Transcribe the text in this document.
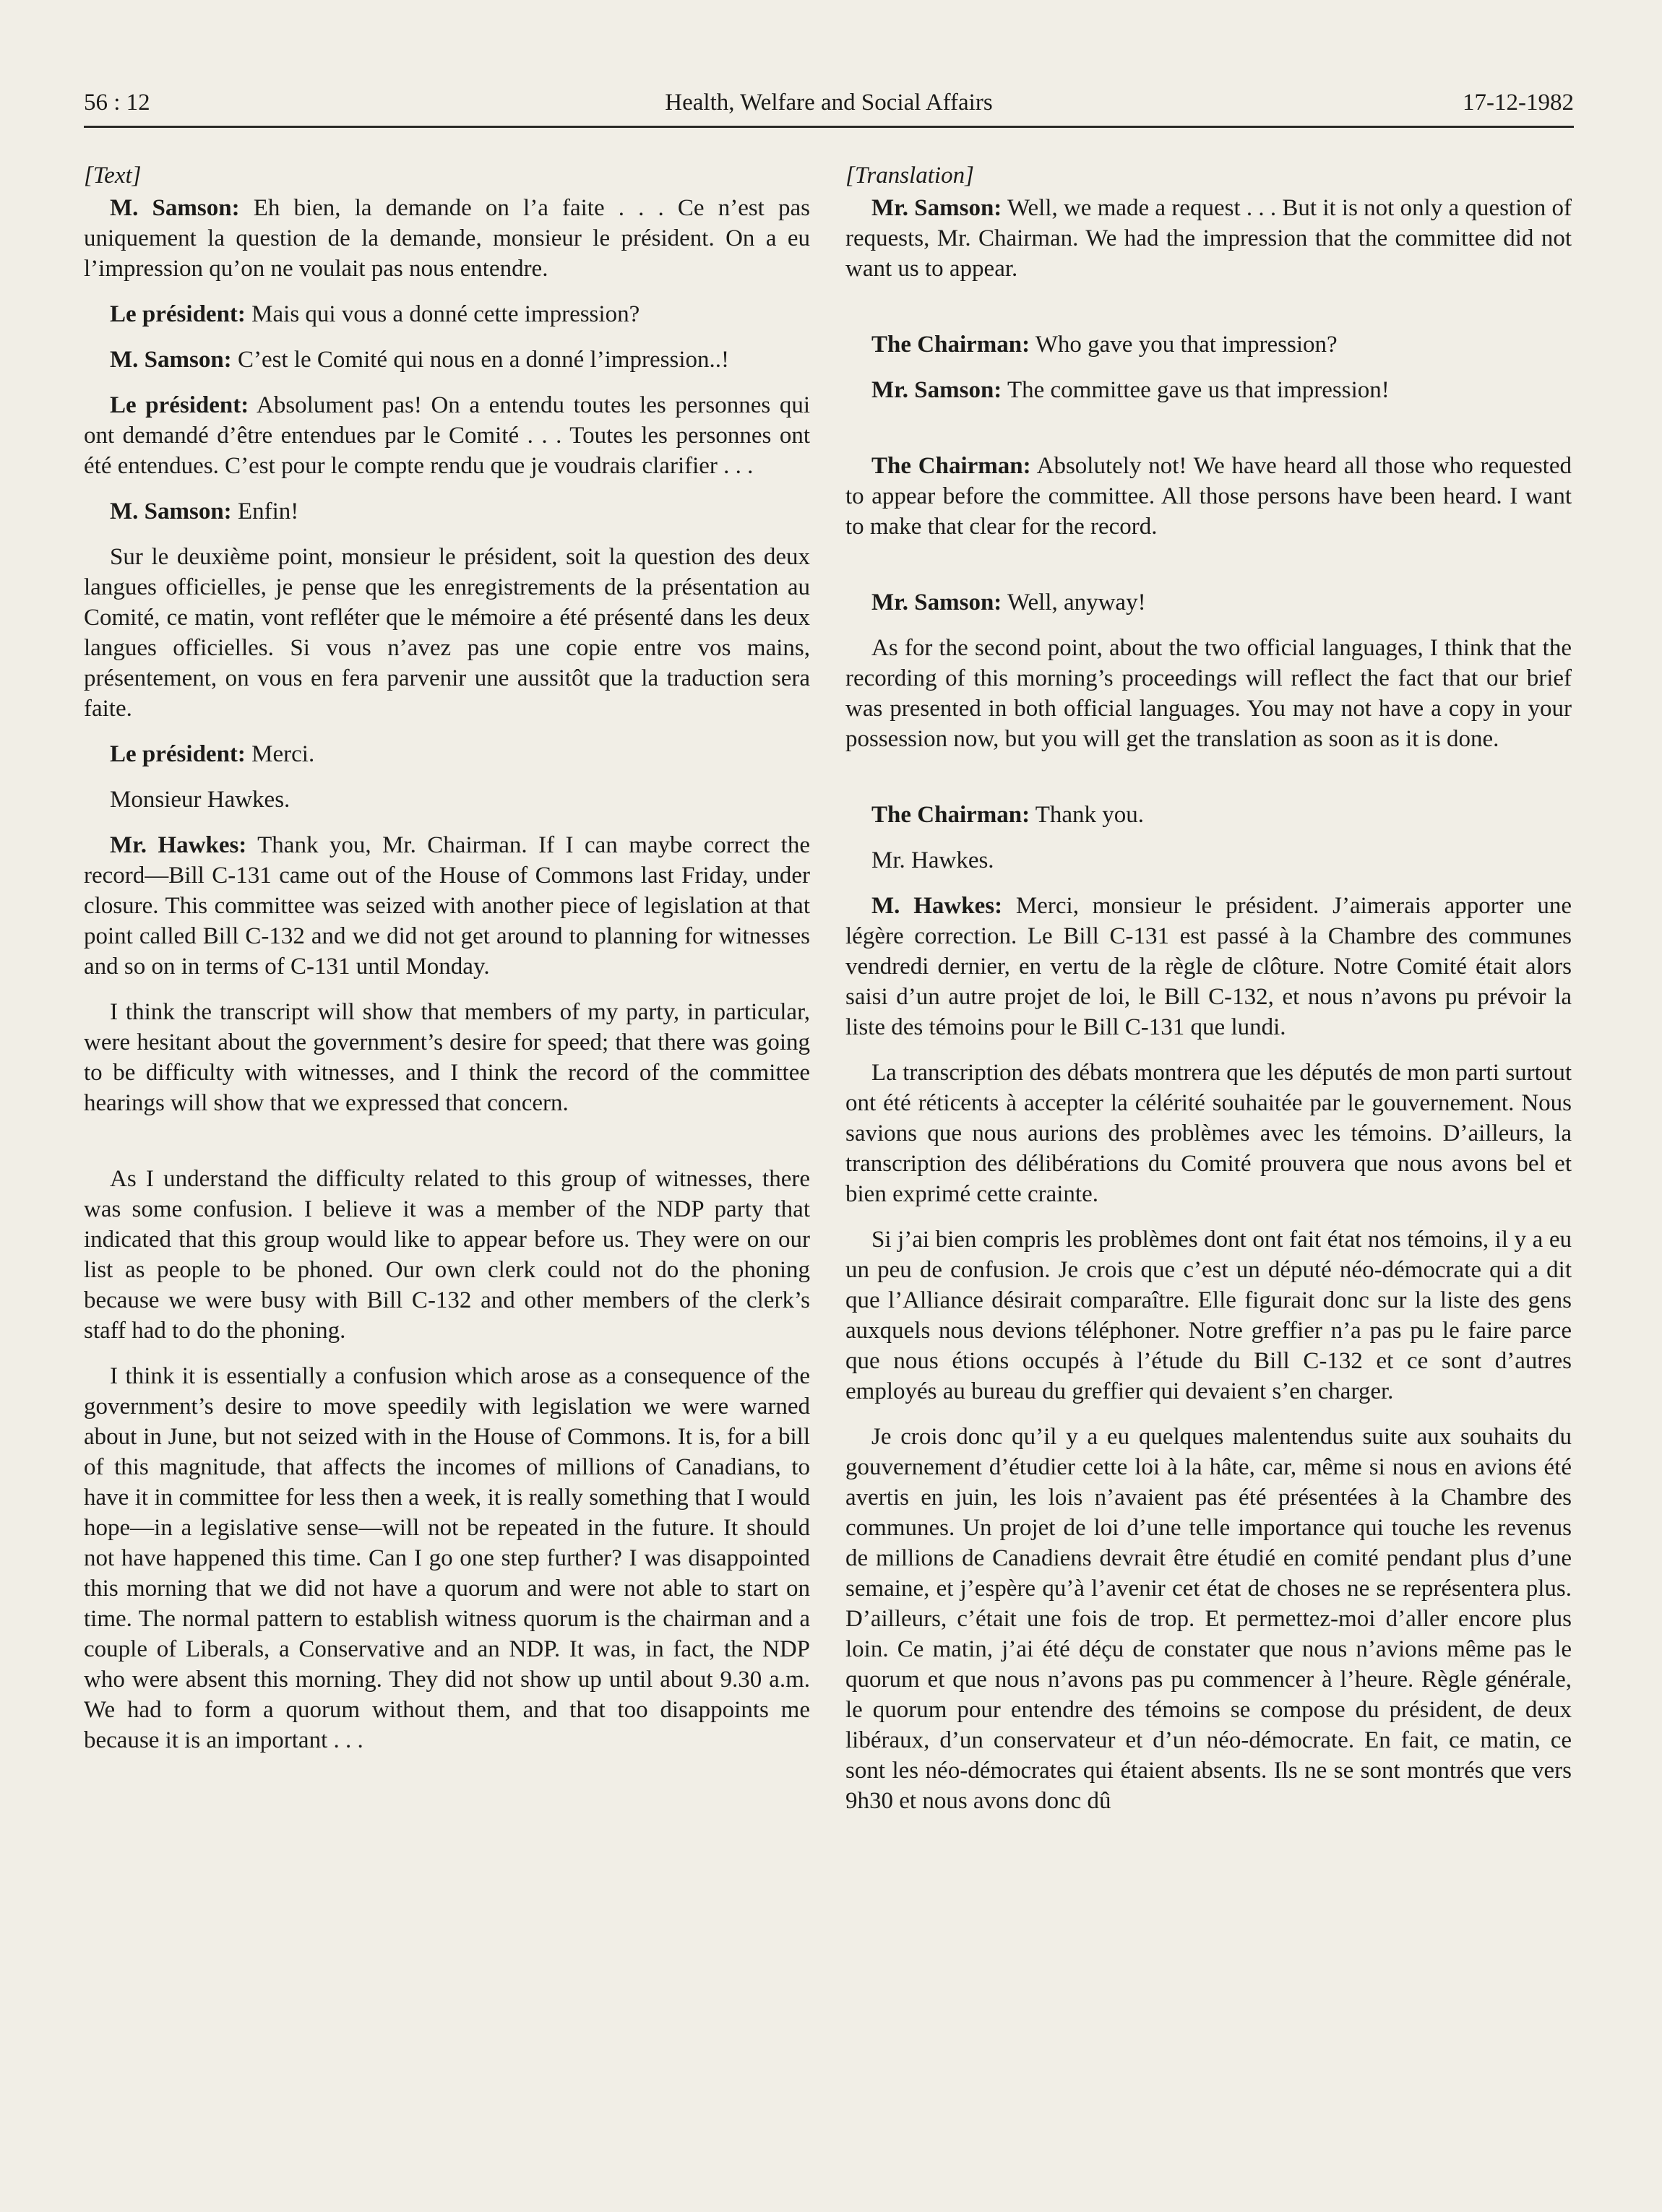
56 : 12	Health, Welfare and Social Affairs	17-12-1982
[Text]

M. Samson: Eh bien, la demande on l’a faite . . . Ce n’est pas uniquement la question de la demande, monsieur le président. On a eu l’impression qu’on ne voulait pas nous entendre.

Le président: Mais qui vous a donné cette impression?

M. Samson: C’est le Comité qui nous en a donné l’impression..!

Le président: Absolument pas! On a entendu toutes les personnes qui ont demandé d’être entendues par le Comité . . . Toutes les personnes ont été entendues. C’est pour le compte rendu que je voudrais clarifier . . .

M. Samson: Enfin!

Sur le deuxième point, monsieur le président, soit la question des deux langues officielles, je pense que les enregistrements de la présentation au Comité, ce matin, vont refléter que le mémoire a été présenté dans les deux langues officielles. Si vous n’avez pas une copie entre vos mains, présentement, on vous en fera parvenir une aussitôt que la traduction sera faite.

Le président: Merci.

Monsieur Hawkes.

Mr. Hawkes: Thank you, Mr. Chairman. If I can maybe correct the record—Bill C-131 came out of the House of Commons last Friday, under closure. This committee was seized with another piece of legislation at that point called Bill C-132 and we did not get around to planning for witnesses and so on in terms of C-131 until Monday.

I think the transcript will show that members of my party, in particular, were hesitant about the government’s desire for speed; that there was going to be difficulty with witnesses, and I think the record of the committee hearings will show that we expressed that concern.

As I understand the difficulty related to this group of witnesses, there was some confusion. I believe it was a member of the NDP party that indicated that this group would like to appear before us. They were on our list as people to be phoned. Our own clerk could not do the phoning because we were busy with Bill C-132 and other members of the clerk’s staff had to do the phoning.

I think it is essentially a confusion which arose as a consequence of the government’s desire to move speedily with legislation we were warned about in June, but not seized with in the House of Commons. It is, for a bill of this magnitude, that affects the incomes of millions of Canadians, to have it in committee for less then a week, it is really something that I would hope—in a legislative sense—will not be repeated in the future. It should not have happened this time. Can I go one step further? I was disappointed this morning that we did not have a quorum and were not able to start on time. The normal pattern to establish witness quorum is the chairman and a couple of Liberals, a Conservative and an NDP. It was, in fact, the NDP who were absent this morning. They did not show up until about 9.30 a.m. We had to form a quorum without them, and that too disappoints me because it is an important . . .

[Translation]

Mr. Samson: Well, we made a request . . . But it is not only a question of requests, Mr. Chairman. We had the impression that the committee did not want us to appear.

The Chairman: Who gave you that impression?

Mr. Samson: The committee gave us that impression!

The Chairman: Absolutely not! We have heard all those who requested to appear before the committee. All those persons have been heard. I want to make that clear for the record.

Mr. Samson: Well, anyway!

As for the second point, about the two official languages, I think that the recording of this morning’s proceedings will reflect the fact that our brief was presented in both official languages. You may not have a copy in your possession now, but you will get the translation as soon as it is done.

The Chairman: Thank you.

Mr. Hawkes.

M. Hawkes: Merci, monsieur le président. J’aimerais apporter une légère correction. Le Bill C-131 est passé à la Chambre des communes vendredi dernier, en vertu de la règle de clôture. Notre Comité était alors saisi d’un autre projet de loi, le Bill C-132, et nous n’avons pu prévoir la liste des témoins pour le Bill C-131 que lundi.

La transcription des débats montrera que les députés de mon parti surtout ont été réticents à accepter la célérité souhaitée par le gouvernement. Nous savions que nous aurions des problèmes avec les témoins. D’ailleurs, la transcription des délibérations du Comité prouvera que nous avons bel et bien exprimé cette crainte.

Si j’ai bien compris les problèmes dont ont fait état nos témoins, il y a eu un peu de confusion. Je crois que c’est un député néo-démocrate qui a dit que l’Alliance désirait comparaître. Elle figurait donc sur la liste des gens auxquels nous devions téléphoner. Notre greffier n’a pas pu le faire parce que nous étions occupés à l’étude du Bill C-132 et ce sont d’autres employés au bureau du greffier qui devaient s’en charger.

Je crois donc qu’il y a eu quelques malentendus suite aux souhaits du gouvernement d’étudier cette loi à la hâte, car, même si nous en avions été avertis en juin, les lois n’avaient pas été présentées à la Chambre des communes. Un projet de loi d’une telle importance qui touche les revenus de millions de Canadiens devrait être étudié en comité pendant plus d’une semaine, et j’espère qu’à l’avenir cet état de choses ne se représentera plus. D’ailleurs, c’était une fois de trop. Et permettez-moi d’aller encore plus loin. Ce matin, j’ai été déçu de constater que nous n’avions même pas le quorum et que nous n’avons pas pu commencer à l’heure. Règle générale, le quorum pour entendre des témoins se compose du président, de deux libéraux, d’un conservateur et d’un néo-démocrate. En fait, ce matin, ce sont les néo-démocrates qui étaient absents. Ils ne se sont montrés que vers 9h30 et nous avons donc dû
